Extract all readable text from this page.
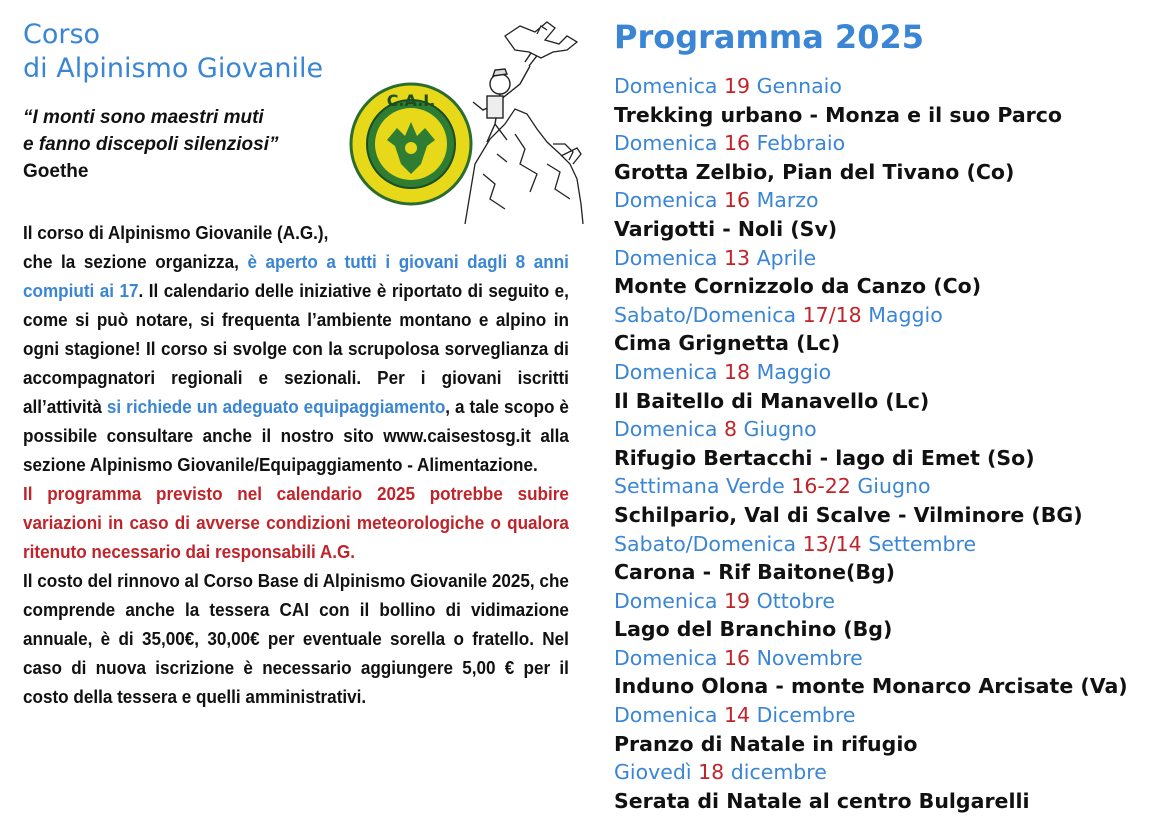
Corso
di Alpinismo Giovanile
“I monti sono maestri muti
e fanno discepoli silenziosi”
Goethe
C.A.I.

Il corso di Alpinismo Giovanile (A.G.),
che la sezione organizza, è aperto a tutti i giovani dagli 8 anni compiuti ai 17. Il calendario delle iniziative è riportato di seguito e, come si può notare, si frequenta l’ambiente montano e alpino in ogni stagione! Il corso si svolge con la scrupolosa sorveglianza di accompagnatori regionali e sezionali. Per i giovani iscritti all’attività si richiede un adeguato equipaggiamento, a tale scopo è possibile consultare anche il nostro sito www.caisestosg.it alla sezione Alpinismo Giovanile/Equipaggiamento - Alimentazione.

Il programma previsto nel calendario 2025 potrebbe subire variazioni in caso di avverse condizioni meteorologiche o qualora ritenuto necessario dai responsabili A.G.

Il costo del rinnovo al Corso Base di Alpinismo Giovanile 2025, che comprende anche la tessera CAI con il bollino di vidimazione annuale, è di 35,00€, 30,00€ per eventuale sorella o fratello. Nel caso di nuova iscrizione è necessario aggiungere 5,00 € per il costo della tessera e quelli amministrativi.

Programma 2025
Domenica 19 Gennaio
Trekking urbano - Monza e il suo Parco
Domenica 16 Febbraio
Grotta Zelbio, Pian del Tivano (Co)
Domenica 16 Marzo
Varigotti - Noli (Sv)
Domenica 13 Aprile
Monte Cornizzolo da Canzo (Co)
Sabato/Domenica 17/18 Maggio
Cima Grignetta (Lc)
Domenica 18 Maggio
Il Baitello di Manavello (Lc)
Domenica 8 Giugno
Rifugio Bertacchi - lago di Emet (So)
Settimana Verde 16-22 Giugno
Schilpario, Val di Scalve - Vilminore (BG)
Sabato/Domenica 13/14 Settembre
Carona - Rif Baitone(Bg)
Domenica 19 Ottobre
Lago del Branchino (Bg)
Domenica 16 Novembre
Induno Olona - monte Monarco Arcisate (Va)
Domenica 14 Dicembre
Pranzo di Natale in rifugio
Giovedì 18 dicembre
Serata di Natale al centro Bulgarelli
